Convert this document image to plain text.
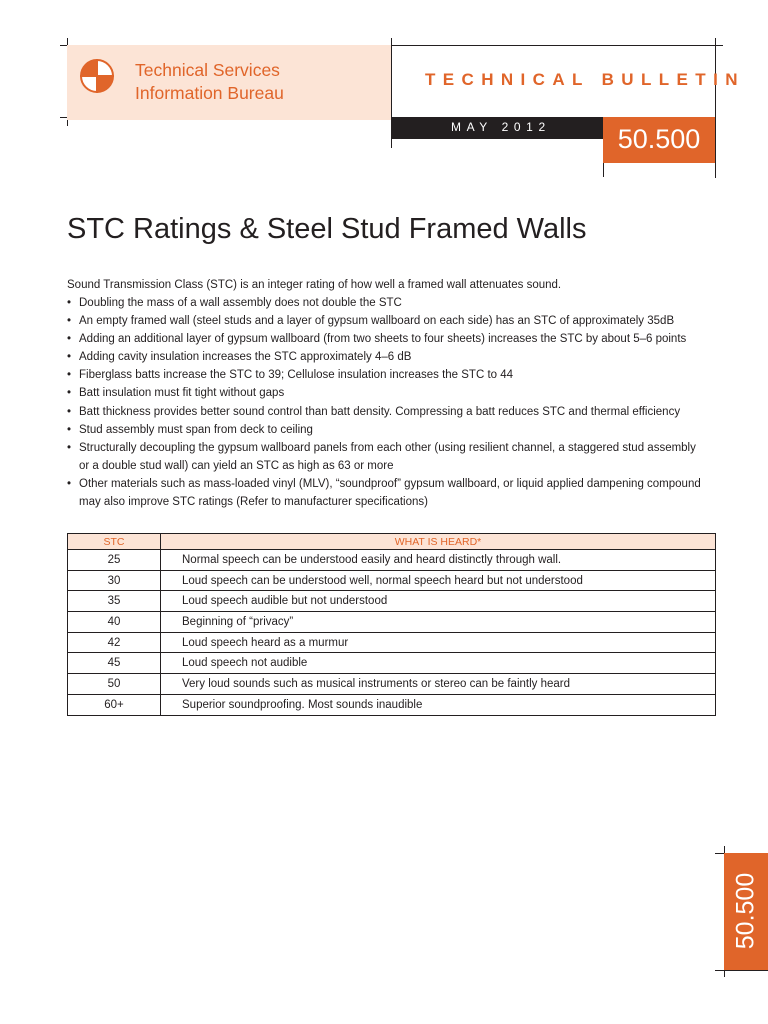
Technical Services
Information Bureau
TECHNICAL BULLETIN
MAY 2012	50.500
STC Ratings & Steel Stud Framed Walls
Sound Transmission Class (STC) is an integer rating of how well a framed wall attenuates sound.
• Doubling the mass of a wall assembly does not double the STC
• An empty framed wall (steel studs and a layer of gypsum wallboard on each side) has an STC of approximately 35dB
• Adding an additional layer of gypsum wallboard (from two sheets to four sheets) increases the STC by about 5–6 points
• Adding cavity insulation increases the STC approximately 4–6 dB
• Fiberglass batts increase the STC to 39; Cellulose insulation increases the STC to 44
• Batt insulation must fit tight without gaps
• Batt thickness provides better sound control than batt density. Compressing a batt reduces STC and thermal efficiency
• Stud assembly must span from deck to ceiling
• Structurally decoupling the gypsum wallboard panels from each other (using resilient channel, a staggered stud assembly
or a double stud wall) can yield an STC as high as 63 or more
• Other materials such as mass-loaded vinyl (MLV), “soundproof” gypsum wallboard, or liquid applied dampening compound
may also improve STC ratings (Refer to manufacturer specifications)
STC	WHAT IS HEARD*
25	Normal speech can be understood easily and heard distinctly through wall.
30	Loud speech can be understood well, normal speech heard but not understood
35	Loud speech audible but not understood
40	Beginning of “privacy”
42	Loud speech heard as a murmur
45	Loud speech not audible
50	Very loud sounds such as musical instruments or stereo can be faintly heard
60+	Superior soundproofing. Most sounds inaudible
50.500
